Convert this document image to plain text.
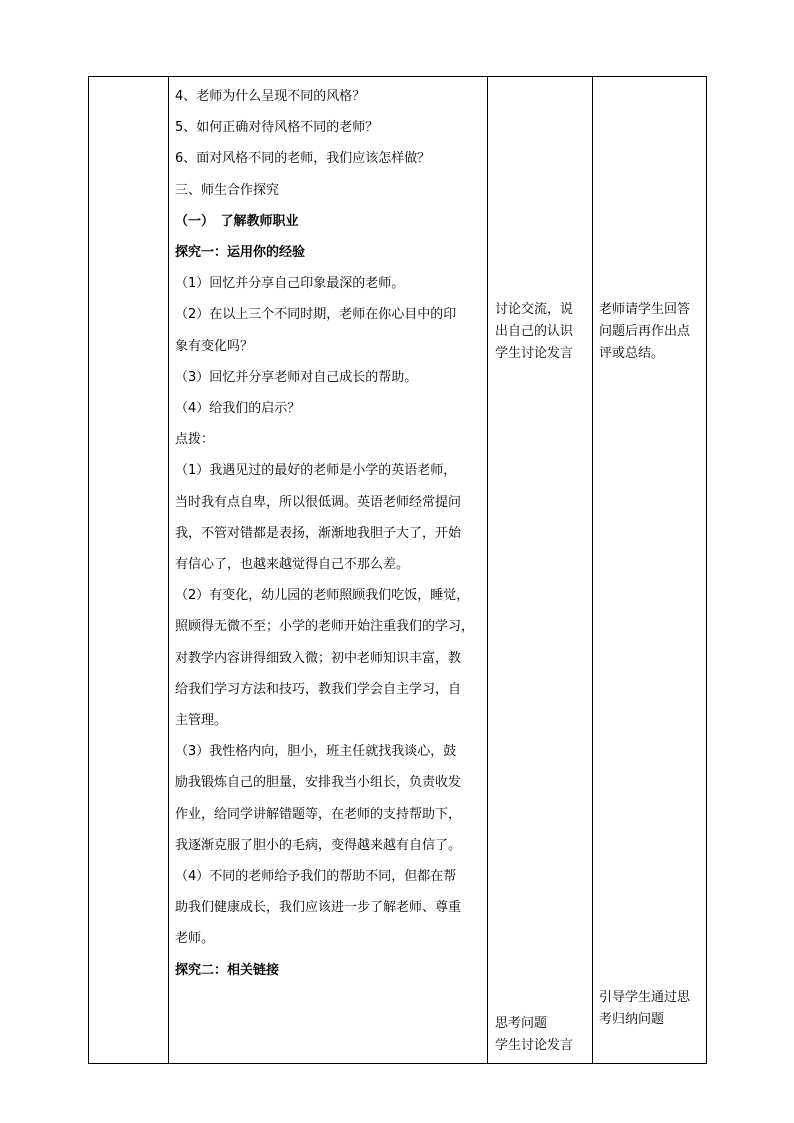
4、老师为什么呈现不同的风格？
5、如何正确对待风格不同的老师？
6、面对风格不同的老师，我们应该怎样做？
三、师生合作探究
（一）　了解教师职业
探究一：运用你的经验
（1）回忆并分享自己印象最深的老师。
（2）在以上三个不同时期，老师在你心目中的印
象有变化吗？
（3）回忆并分享老师对自己成长的帮助。
（4）给我们的启示？
点拨：
（1）我遇见过的最好的老师是小学的英语老师，
当时我有点自卑，所以很低调。英语老师经常提问
我，不管对错都是表扬，渐渐地我胆子大了，开始
有信心了，也越来越觉得自己不那么差。
（2）有变化，幼儿园的老师照顾我们吃饭，睡觉，
照顾得无微不至；小学的老师开始注重我们的学习，
对教学内容讲得细致入微；初中老师知识丰富，教
给我们学习方法和技巧，教我们学会自主学习，自
主管理。
（3）我性格内向，胆小，班主任就找我谈心，鼓
励我锻炼自己的胆量，安排我当小组长，负责收发
作业，给同学讲解错题等，在老师的支持帮助下，
我逐渐克服了胆小的毛病，变得越来越有自信了。
（4）不同的老师给予我们的帮助不同，但都在帮
助我们健康成长，我们应该进一步了解老师、尊重
老师。
探究二：相关链接
讨论交流，说
出自己的认识
学生讨论发言
老师请学生回答
问题后再作出点
评或总结。
思考问题
学生讨论发言
引导学生通过思
考归纳问题
